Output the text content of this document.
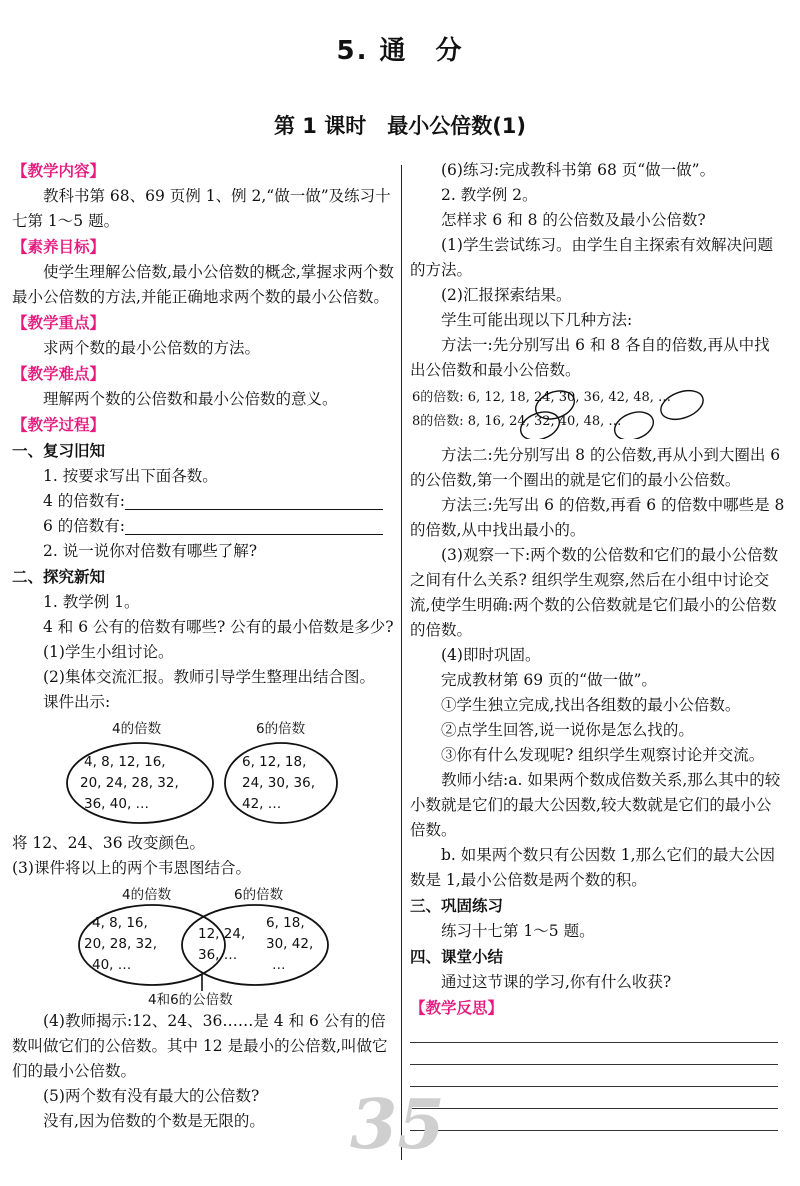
5. 通　分
第 1 课时　最小公倍数(1)
【教学内容】

教科书第 68、69 页例 1、例 2,“做一做”及练习十七第 1～5 题。

【素养目标】

使学生理解公倍数,最小公倍数的概念,掌握求两个数最小公倍数的方法,并能正确地求两个数的最小公倍数。

【教学重点】

求两个数的最小公倍数的方法。

【教学难点】

理解两个数的公倍数和最小公倍数的意义。

【教学过程】
一、复习旧知

1. 按要求写出下面各数。

4 的倍数有:

6 的倍数有:

2. 说一说你对倍数有哪些了解?

二、探究新知

1. 教学例 1。

4 和 6 公有的倍数有哪些? 公有的最小倍数是多少?

(1)学生小组讨论。

(2)集体交流汇报。教师引导学生整理出结合图。

课件出示:

4的倍数	6的倍数
4, 8, 12, 16,
20, 24, 28, 32,
36, 40, …
6, 12, 18,
24, 30, 36,
42, …

将 12、24、36 改变颜色。

(3)课件将以上的两个韦恩图结合。

4的倍数	6的倍数
4, 8, 16,
20, 28, 32,
40, …
12, 24,
36, …
6, 18,
30, 42,
…
4和6的公倍数

(4)教师揭示:12、24、36……是 4 和 6 公有的倍数叫做它们的公倍数。其中 12 是最小的公倍数,叫做它们的最小公倍数。

(5)两个数有没有最大的公倍数?

没有,因为倍数的个数是无限的。

(6)练习:完成教科书第 68 页“做一做”。

2. 教学例 2。

怎样求 6 和 8 的公倍数及最小公倍数?

(1)学生尝试练习。由学生自主探索有效解决问题的方法。

(2)汇报探索结果。

学生可能出现以下几种方法:

方法一:先分别写出 6 和 8 各自的倍数,再从中找出公倍数和最小公倍数。

6的倍数: 6, 12, 18, 24, 30, 36, 42, 48, …
8的倍数: 8, 16, 24, 32, 40, 48, …

方法二:先分别写出 8 的公倍数,再从小到大圈出 6 的公倍数,第一个圈出的就是它们的最小公倍数。

方法三:先写出 6 的倍数,再看 6 的倍数中哪些是 8 的倍数,从中找出最小的。

(3)观察一下:两个数的公倍数和它们的最小公倍数之间有什么关系? 组织学生观察,然后在小组中讨论交流,使学生明确:两个数的公倍数就是它们最小的公倍数的倍数。

(4)即时巩固。

完成教材第 69 页的“做一做”。

①学生独立完成,找出各组数的最小公倍数。

②点学生回答,说一说你是怎么找的。

③你有什么发现呢? 组织学生观察讨论并交流。

教师小结:a. 如果两个数成倍数关系,那么其中的较小数就是它们的最大公因数,较大数就是它们的最小公倍数。

b. 如果两个数只有公因数 1,那么它们的最大公因数是 1,最小公倍数是两个数的积。

三、巩固练习

练习十七第 1～5 题。

四、课堂小结

通过这节课的学习,你有什么收获?

【教学反思】
35
